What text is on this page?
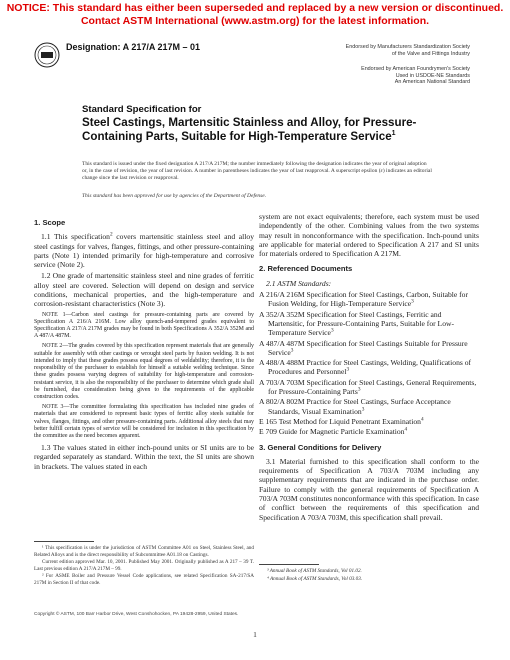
NOTICE: This standard has either been superseded and replaced by a new version or discontinued.
Contact ASTM International (www.astm.org) for the latest information.
Designation: A 217/A 217M – 01	Endorsed by Manufacturers Standardization Society
of the Valve and Fittings Industry
Endorsed by American Foundrymen's Society
Used in USDOE-NE Standards
An American National Standard
Standard Specification for
Steel Castings, Martensitic Stainless and Alloy, for Pressure-Containing Parts, Suitable for High-Temperature Service$^1$
This standard is issued under the fixed designation A 217/A 217M; the number immediately following the designation indicates the year of original adoption or, in the case of revision, the year of last revision. A number in parentheses indicates the year of last reapproval. A superscript epsilon (ε) indicates an editorial change since the last revision or reapproval.
This standard has been approved for use by agencies of the Department of Defense.
1. Scope

1.1 This specification$^2$ covers martensitic stainless steel and alloy steel castings for valves, flanges, fittings, and other pressure-containing parts (Note 1) intended primarily for high-temperature and corrosive service (Note 2).

1.2 One grade of martensitic stainless steel and nine grades of ferritic alloy steel are covered. Selection will depend on design and service conditions, mechanical properties, and the high-temperature and corrosion-resistant characteristics (Note 3).

NOTE 1—Carbon steel castings for pressure-containing parts are covered by Specification A 216/A 216M. Low alloy quench-and-tempered grades equivalent to Specification A 217/A 217M grades may be found in both Specifications A 352/A 352M and A 487/A 487M.
NOTE 2—The grades covered by this specification represent materials that are generally suitable for assembly with other castings or wrought steel parts by fusion welding. It is not intended to imply that these grades possess equal degrees of weldability; therefore, it is the responsibility of the purchaser to establish for himself a suitable welding technique. Since these grades possess varying degrees of suitability for high-temperature and corrosion-resistant service, it is also the responsibility of the purchaser to determine which grade shall be furnished, due consideration being given to the requirements of the applicable construction codes.
NOTE 3—The committee formulating this specification has included nine grades of materials that are considered to represent basic types of ferritic alloy steels suitable for valves, flanges, fittings, and other pressure-containing parts. Additional alloy steels that may better fulfill certain types of service will be considered for inclusion in this specification by the committee as the need becomes apparent.

1.3 The values stated in either inch-pound units or SI units are to be regarded separately as standard. Within the text, the SI units are shown in brackets. The values stated in each

¹ This specification is under the jurisdiction of ASTM Committee A01 on Steel, Stainless Steel, and Related Alloys and is the direct responsibility of Subcommittee A01.18 on Castings.

Current edition approved Mar. 10, 2001. Published May 2001. Originally published as A 217 – 39 T. Last previous edition A 217/A 217M – 99.

² For ASME Boiler and Pressure Vessel Code applications, see related Specification SA-217/SA 217M in Section II of that code.

system are not exact equivalents; therefore, each system must be used independently of the other. Combining values from the two systems may result in nonconformance with the specification. Inch-pound units are applicable for material ordered to Specification A 217 and SI units for materials ordered to Specification A 217M.

2. Referenced Documents
2.1 ASTM Standards:
A 216/A 216M Specification for Steel Castings, Carbon, Suitable for Fusion Welding, for High-Temperature Service$^3$
A 352/A 352M Specification for Steel Castings, Ferritic and Martensitic, for Pressure-Containing Parts, Suitable for Low-Temperature Service$^3$
A 487/A 487M Specification for Steel Castings Suitable for Pressure Service$^3$
A 488/A 488M Practice for Steel Castings, Welding, Qualifications of Procedures and Personnel$^3$
A 703/A 703M Specification for Steel Castings, General Requirements, for Pressure-Containing Parts$^3$
A 802/A 802M Practice for Steel Castings, Surface Acceptance Standards, Visual Examination$^3$
E 165 Test Method for Liquid Penetrant Examination$^4$
E 709 Guide for Magnetic Particle Examination$^4$
3. General Conditions for Delivery

3.1 Material furnished to this specification shall conform to the requirements of Specification A 703/A 703M including any supplementary requirements that are indicated in the purchase order. Failure to comply with the general requirements of Specification A 703/A 703M constitutes nonconformance with this specification. In case of conflict between the requirements of this specification and Specification A 703/A 703M, this specification shall prevail.

³ Annual Book of ASTM Standards, Vol 01.02.

⁴ Annual Book of ASTM Standards, Vol 03.03.

Copyright © ASTM, 100 Barr Harbor Drive, West Conshohocken, PA 19428-2959, United States.
1
